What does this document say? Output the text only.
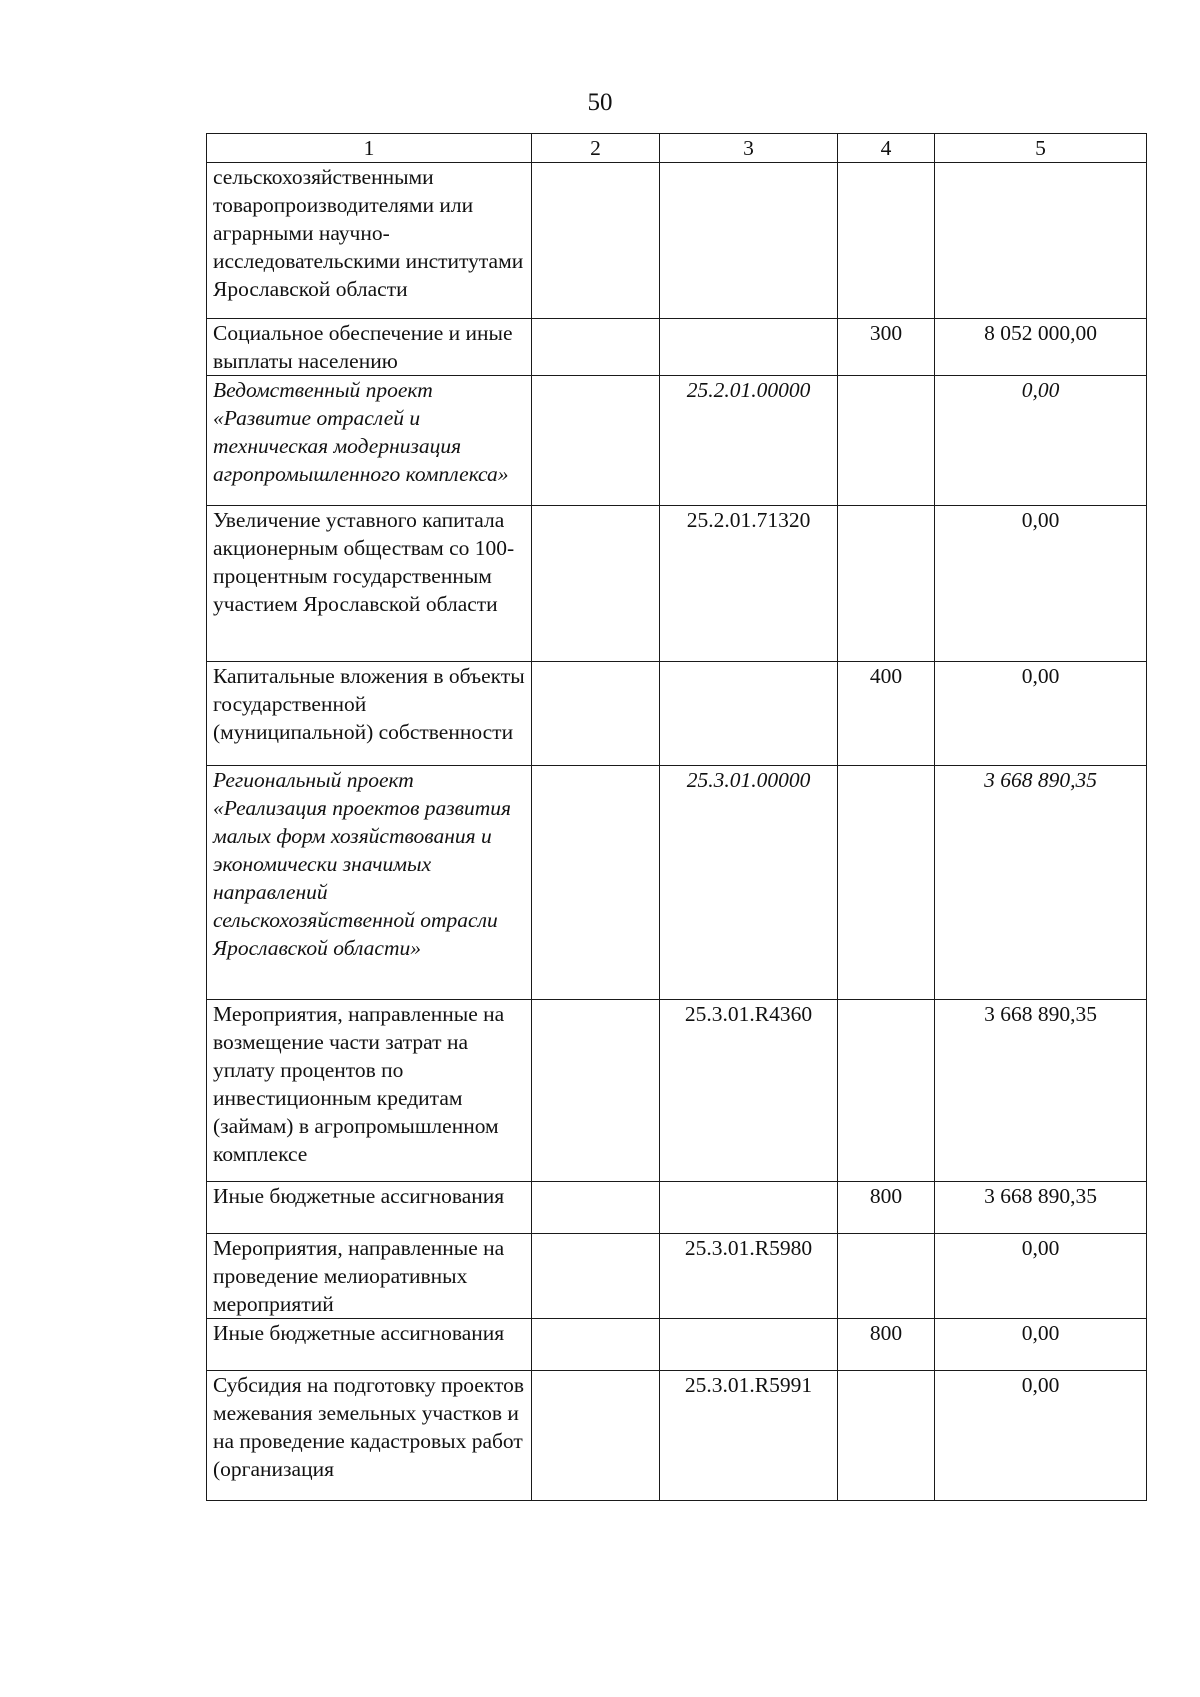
50
1	2	3	4	5
сельскохозяйственными товаропроизводителями или аграрными научно-исследовательскими институтами Ярославской области				
Социальное обеспечение и иные выплаты населению			300	8 052 000,00
Ведомственный проект «Развитие отраслей и техническая модернизация агропромышленного комплекса»		25.2.01.00000		0,00
Увеличение уставного капитала акционерным обществам со 100-процентным государственным участием Ярославской области		25.2.01.71320		0,00
Капитальные вложения в объекты государственной (муниципальной) собственности			400	0,00
Региональный проект «Реализация проектов развития малых форм хозяйствования и экономически значимых направлений сельскохозяйственной отрасли Ярославской области»		25.3.01.00000		3 668 890,35
Мероприятия, направленные на возмещение части затрат на уплату процентов по инвестиционным кредитам (займам) в агропромышленном комплексе		25.3.01.R4360		3 668 890,35
Иные бюджетные ассигнования			800	3 668 890,35
Мероприятия, направленные на проведение мелиоративных мероприятий		25.3.01.R5980		0,00
Иные бюджетные ассигнования			800	0,00
Субсидия на подготовку проектов межевания земельных участков и на проведение кадастровых работ (организация		25.3.01.R5991		0,00
